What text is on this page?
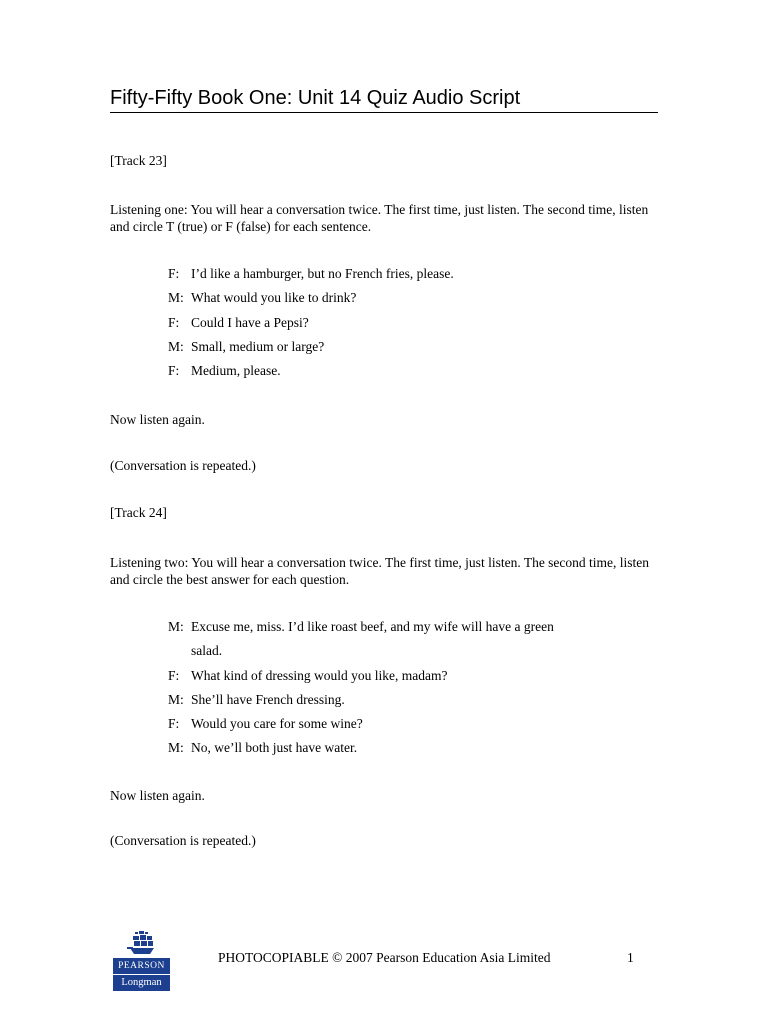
Fifty-Fifty Book One: Unit 14 Quiz Audio Script
[Track 23]
Listening one: You will hear a conversation twice. The first time, just listen. The second time, listen and circle T (true) or F (false) for each sentence.
F: I’d like a hamburger, but no French fries, please.
M: What would you like to drink?
F: Could I have a Pepsi?
M: Small, medium or large?
F: Medium, please.
Now listen again.
(Conversation is repeated.)
[Track 24]
Listening two: You will hear a conversation twice. The first time, just listen. The second time, listen and circle the best answer for each question.
M: Excuse me, miss. I’d like roast beef, and my wife will have a green salad.
F: What kind of dressing would you like, madam?
M: She’ll have French dressing.
F: Would you care for some wine?
M: No, we’ll both just have water.
Now listen again.
(Conversation is repeated.)
PEARSON
Longman
PHOTOCOPIABLE © 2007 Pearson Education Asia Limited	1
